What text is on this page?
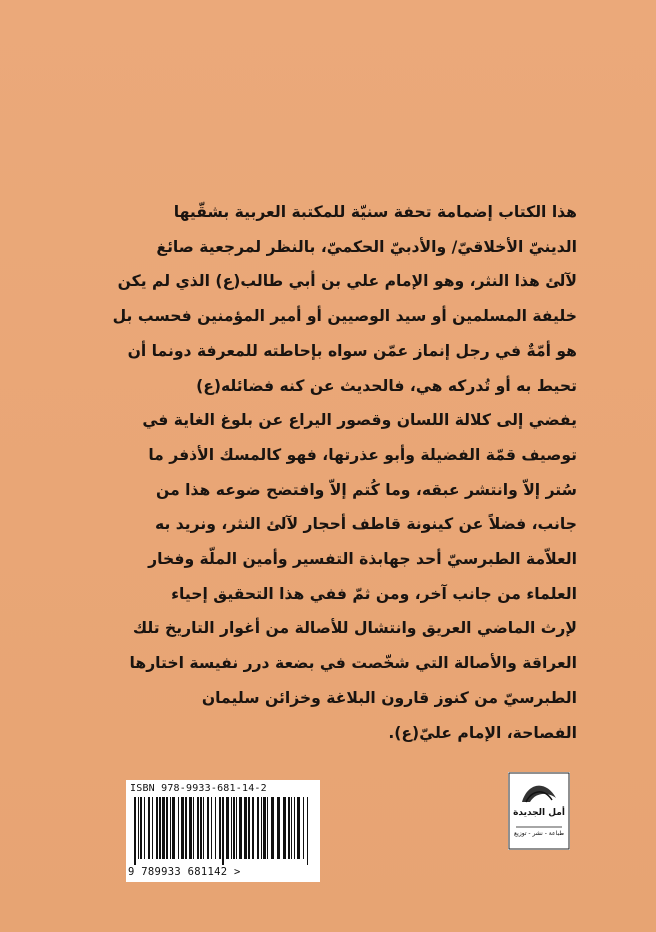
هذا الكتاب إضمامة تحفة سنيّة للمكتبة العربية بشقّيها

الدينيّ الأخلاقيّ/ والأدبيّ الحكميّ، بالنظر لمرجعية صائغ

لآلئ هذا النثر، وهو الإمام علي بن أبي طالب(ع) الذي لم يكن

خليفة المسلمين أو سيد الوصيين أو أمير المؤمنين فحسب بل

هو أمّةٌ في رجل إنماز عمّن سواه بإحاطته للمعرفة دونما أن

تحيط به أو تُدركه هي، فالحديث عن كنه فضائله(ع)

يفضي إلى كلالة اللسان وقصور اليراع عن بلوغ الغاية في

توصيف قمّة الفضيلة وأبو عذرتها، فهو كالمسك الأذفر ما

سُتر إلاّ وانتشر عبقه، وما كُتم إلاّ وافتضح ضوعه هذا من

جانب، فضلاً عن كينونة قاطف أحجار لآلئ النثر، ونريد به

العلاّمة الطبرسيّ أحد جهابذة التفسير وأمين الملّة وفخار

العلماء من جانب آخر، ومن ثمّ ففي هذا التحقيق إحياء

لإرث الماضي العريق وانتشال للأصالة من أغوار التاريخ تلك

العراقة والأصالة التي شخّصت في بضعة درر نفيسة اختارها

الطبرسيّ من كنوز قارون البلاغة وخزائن سليمان

الفصاحة، الإمام عليّ(ع).

ISBN 978-9933-681-14-2
9 789933 681142 >
أمل الجديدة
طباعة - نشر - توزيع
